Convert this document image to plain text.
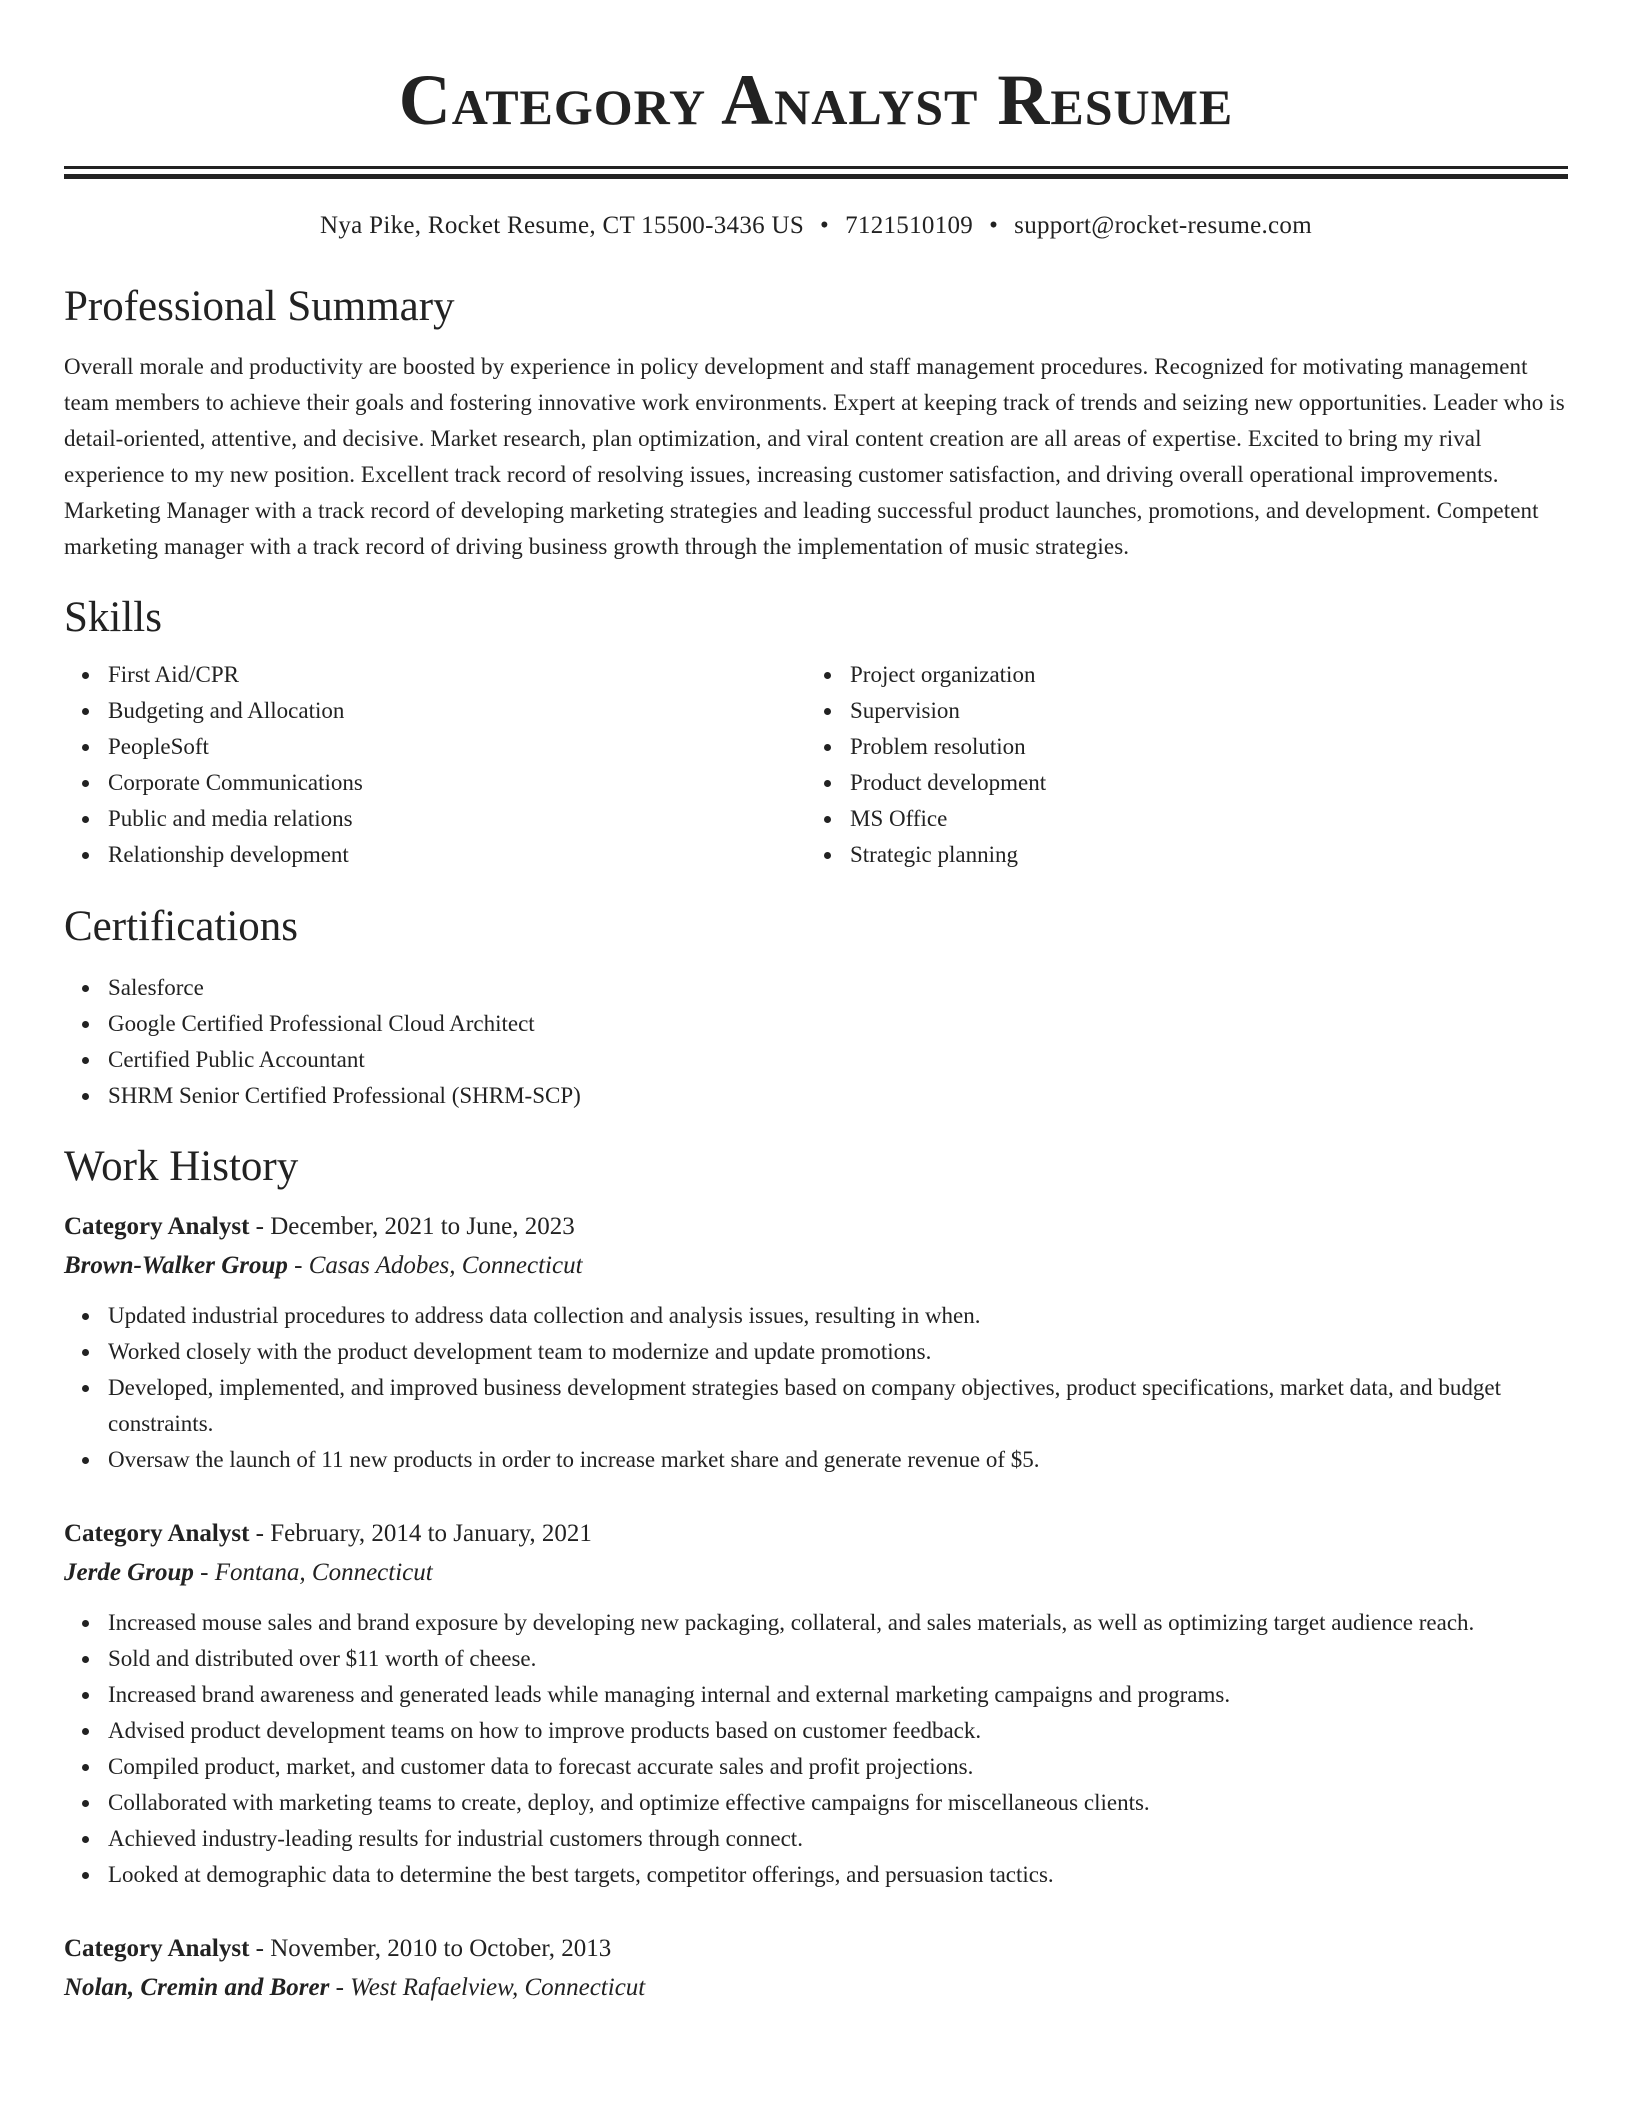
Category Analyst Resume
Nya Pike, Rocket Resume, CT 15500-3436 US • 7121510109 • support@rocket-resume.com
Professional Summary

Overall morale and productivity are boosted by experience in policy development and staff management procedures. Recognized for motivating management team members to achieve their goals and fostering innovative work environments. Expert at keeping track of trends and seizing new opportunities. Leader who is detail-oriented, attentive, and decisive. Market research, plan optimization, and viral content creation are all areas of expertise. Excited to bring my rival experience to my new position. Excellent track record of resolving issues, increasing customer satisfaction, and driving overall operational improvements. Marketing Manager with a track record of developing marketing strategies and leading successful product launches, promotions, and development. Competent marketing manager with a track record of driving business growth through the implementation of music strategies.

Skills
First Aid/CPR
Budgeting and Allocation
PeopleSoft
Corporate Communications
Public and media relations
Relationship development
Project organization
Supervision
Problem resolution
Product development
MS Office
Strategic planning
Certifications
Salesforce
Google Certified Professional Cloud Architect
Certified Public Accountant
SHRM Senior Certified Professional (SHRM-SCP)
Work History
Category Analyst - December, 2021 to June, 2023
Brown-Walker Group - Casas Adobes, Connecticut
Updated industrial procedures to address data collection and analysis issues, resulting in when.
Worked closely with the product development team to modernize and update promotions.
Developed, implemented, and improved business development strategies based on company objectives, product specifications, market data, and budget constraints.
Oversaw the launch of 11 new products in order to increase market share and generate revenue of $5.
Category Analyst - February, 2014 to January, 2021
Jerde Group - Fontana, Connecticut
Increased mouse sales and brand exposure by developing new packaging, collateral, and sales materials, as well as optimizing target audience reach.
Sold and distributed over $11 worth of cheese.
Increased brand awareness and generated leads while managing internal and external marketing campaigns and programs.
Advised product development teams on how to improve products based on customer feedback.
Compiled product, market, and customer data to forecast accurate sales and profit projections.
Collaborated with marketing teams to create, deploy, and optimize effective campaigns for miscellaneous clients.
Achieved industry-leading results for industrial customers through connect.
Looked at demographic data to determine the best targets, competitor offerings, and persuasion tactics.
Category Analyst - November, 2010 to October, 2013
Nolan, Cremin and Borer - West Rafaelview, Connecticut
